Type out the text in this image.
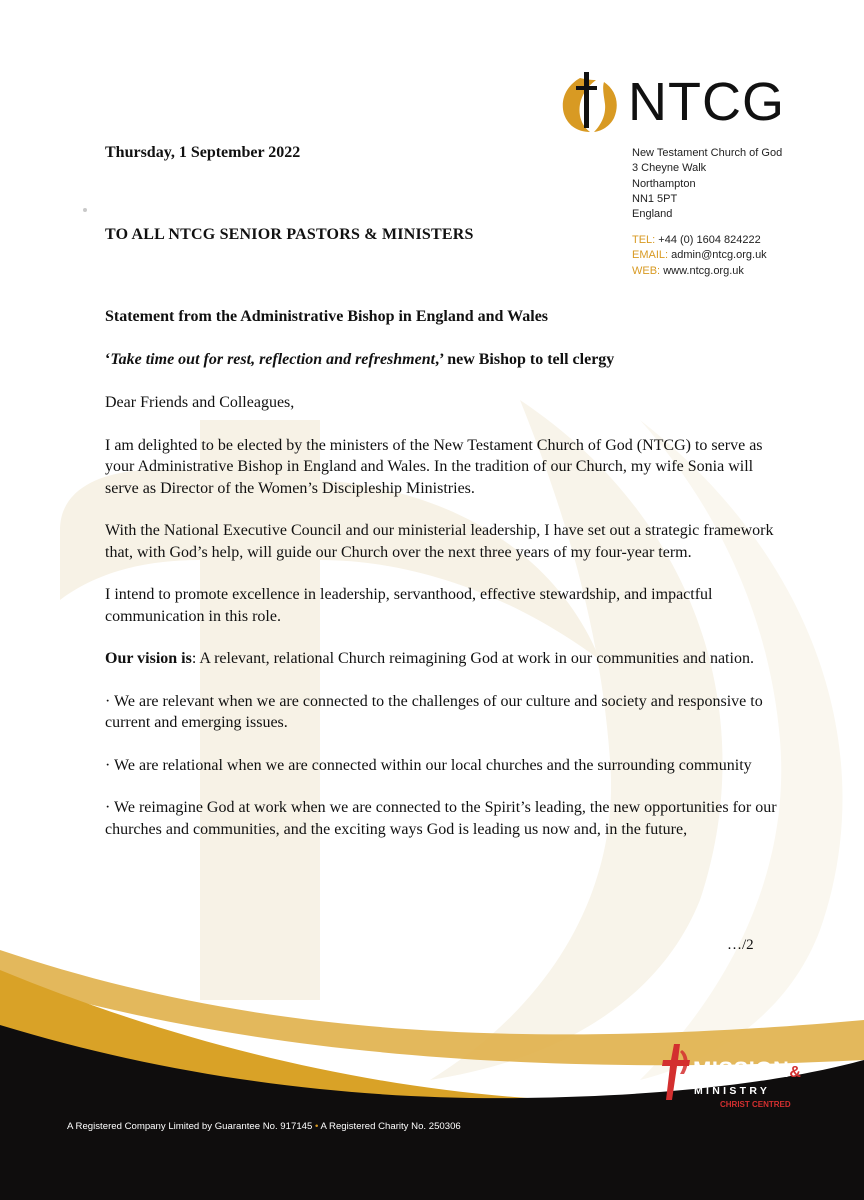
NTCG
New Testament Church of God
3 Cheyne Walk
Northampton
NN1 5PT
England
TEL: +44 (0) 1604 824222
EMAIL: admin@ntcg.org.uk
WEB: www.ntcg.org.uk
Thursday, 1 September 2022
TO ALL NTCG SENIOR PASTORS & MINISTERS

Statement from the Administrative Bishop in England and Wales

‘Take time out for rest, reflection and refreshment,’ new Bishop to tell clergy

Dear Friends and Colleagues,

I am delighted to be elected by the ministers of the New Testament Church of God (NTCG) to serve as your Administrative Bishop in England and Wales. In the tradition of our Church, my wife Sonia will serve as Director of the Women’s Discipleship Ministries.

With the National Executive Council and our ministerial leadership, I have set out a strategic framework that, with God’s help, will guide our Church over the next three years of my four-year term.

I intend to promote excellence in leadership, servanthood, effective stewardship, and impactful communication in this role.

Our vision is: A relevant, relational Church reimagining God at work in our communities and nation.

· We are relevant when we are connected to the challenges of our culture and society and responsive to current and emerging issues.

· We are relational when we are connected within our local churches and the surrounding community

· We reimagine God at work when we are connected to the Spirit’s leading, the new opportunities for our churches and communities, and the exciting ways God is leading us now and, in the future,

…/2
MISSION&
MINISTRY
CHRIST CENTRED
A Registered Company Limited by Guarantee No. 917145 • A Registered Charity No. 250306
